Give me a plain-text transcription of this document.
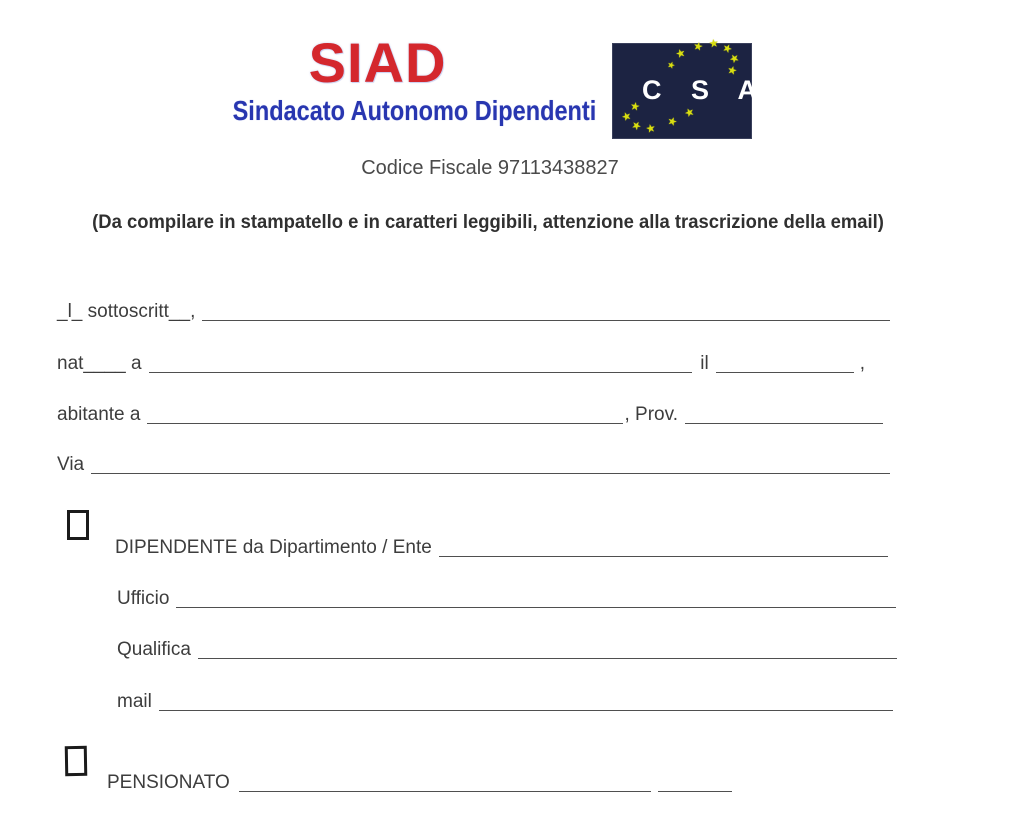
SIAD
Sindacato Autonomo Dipendenti
C S A
★ ★ ★ ★
★
★
★
★
★
★ ★ ★
★
Codice Fiscale 97113438827
(Da compilare in stampatello e in caratteri leggibili, attenzione alla trascrizione della email)
_l_ sottoscritt__,
nat____ a	il	,
abitante a	, Prov.
Via
DIPENDENTE da Dipartimento / Ente
Ufficio
Qualifica
mail
PENSIONATO
